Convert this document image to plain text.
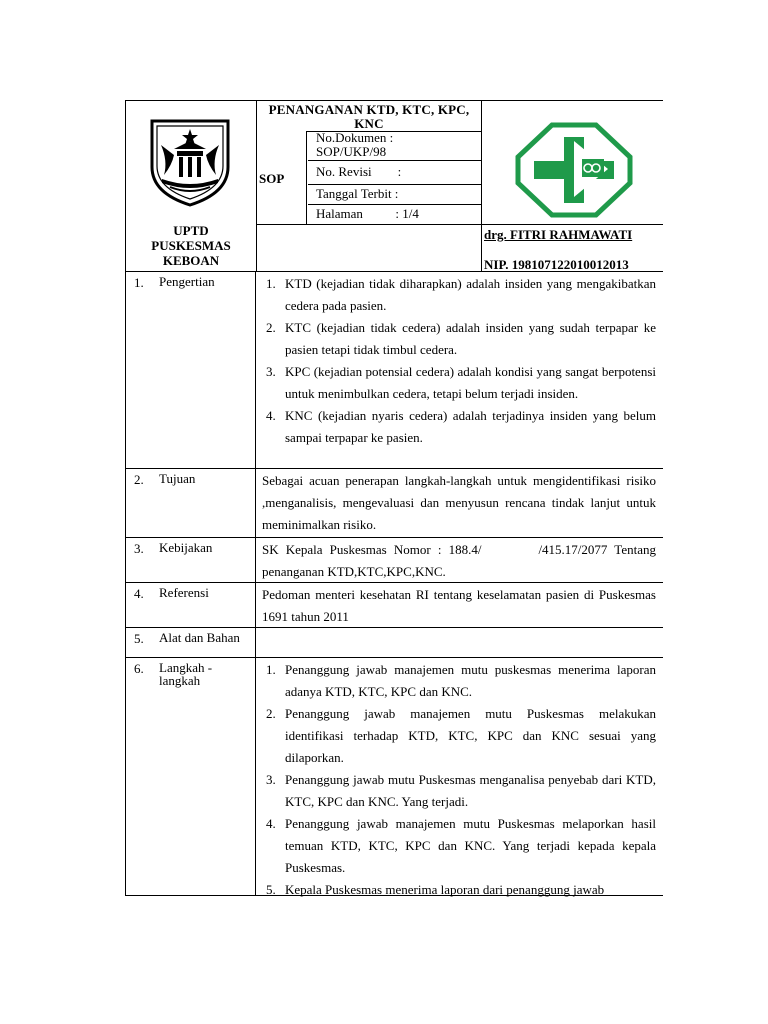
PENANGANAN KTD, KTC, KPC, KNC
SOP
No.Dokumen : SOP/UKP/98
No. Revisi        :
Tanggal Terbit :
Halaman          : 1/4
UPTD
PUSKESMAS
KEBOAN
drg. FITRI RAHMAWATI
NIP. 198107122010012013
1. Pengertian	1. KTD (kejadian tidak diharapkan) adalah insiden yang mengakibatkan cedera pada pasien.
2. KTC (kejadian tidak cedera) adalah insiden yang sudah terpapar ke pasien tetapi tidak timbul cedera.
3. KPC (kejadian potensial cedera) adalah kondisi yang sangat berpotensi untuk menimbulkan cedera, tetapi belum terjadi insiden.
4. KNC (kejadian nyaris cedera) adalah terjadinya insiden yang belum sampai terpapar ke pasien.
2. Tujuan	Sebagai acuan penerapan langkah-langkah untuk mengidentifikasi risiko ,menganalisis, mengevaluasi dan menyusun rencana tindak lanjut untuk meminimalkan risiko.
3. Kebijakan	SK Kepala Puskesmas Nomor : 188.4/        /415.17/2077 Tentang penanganan KTD,KTC,KPC,KNC.
4. Referensi	Pedoman menteri kesehatan RI tentang keselamatan pasien di Puskesmas 1691 tahun 2011
5. Alat dan Bahan
6. Langkah - langkah
1. Penanggung jawab manajemen mutu puskesmas menerima laporan adanya KTD, KTC, KPC dan KNC.
2. Penanggung jawab manajemen mutu Puskesmas melakukan identifikasi terhadap KTD, KTC, KPC dan KNC sesuai yang dilaporkan.
3. Penanggung jawab mutu Puskesmas menganalisa penyebab dari KTD, KTC, KPC dan KNC. Yang terjadi.
4. Penanggung jawab manajemen mutu Puskesmas melaporkan hasil temuan KTD, KTC, KPC dan KNC. Yang terjadi kepada kepala Puskesmas.
5. Kepala Puskesmas menerima laporan dari penanggung jawab
